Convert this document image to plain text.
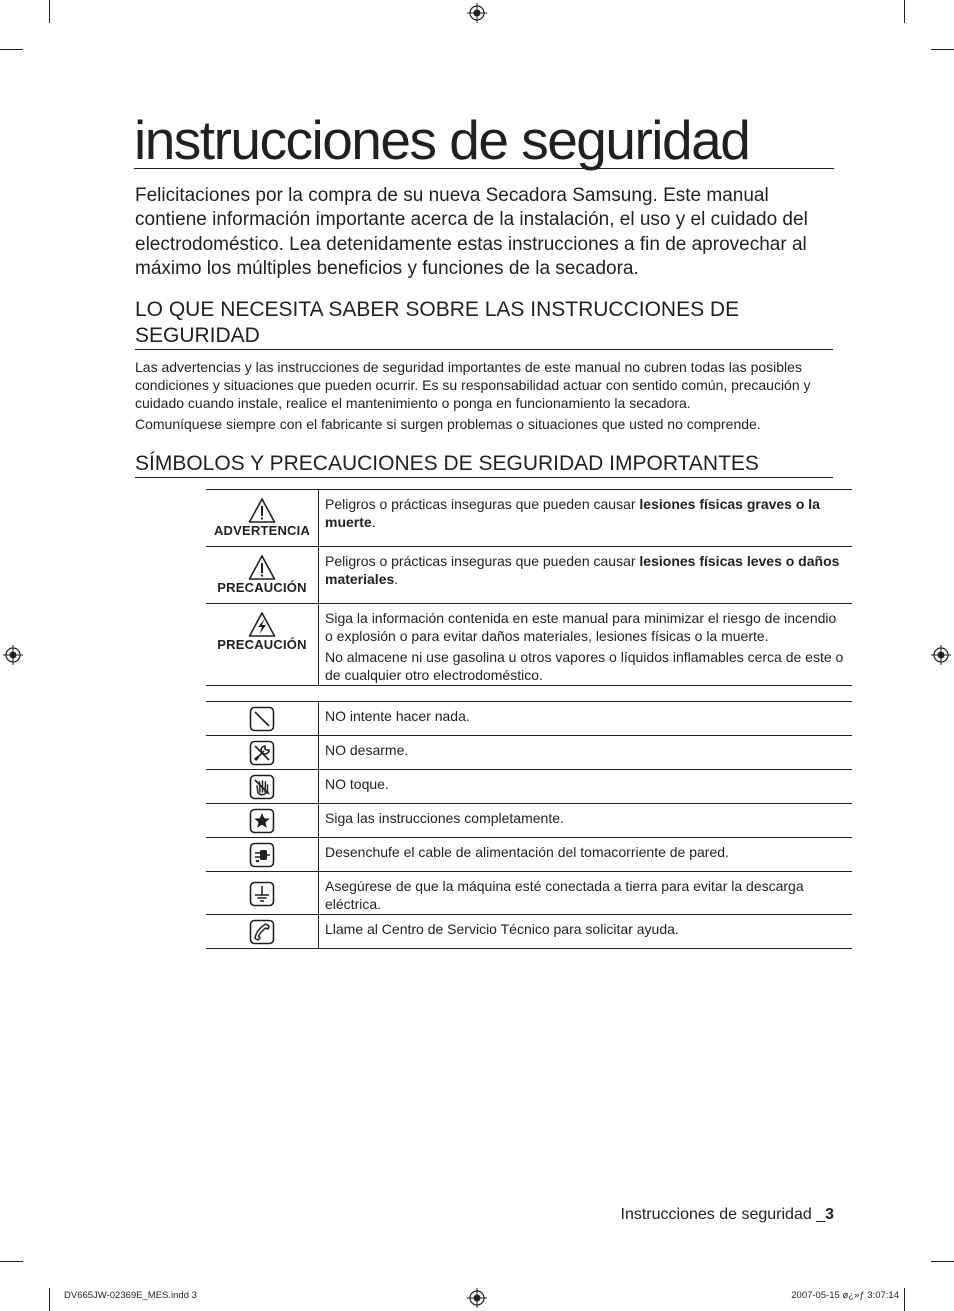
instrucciones de seguridad

Felicitaciones por la compra de su nueva Secadora Samsung. Este manual contiene información importante acerca de la instalación, el uso y el cuidado del electrodoméstico. Lea detenidamente estas instrucciones a fin de aprovechar al máximo los múltiples beneficios y funciones de la secadora.

LO QUE NECESITA SABER SOBRE LAS INSTRUCCIONES DE SEGURIDAD

Las advertencias y las instrucciones de seguridad importantes de este manual no cubren todas las posibles condiciones y situaciones que pueden ocurrir. Es su responsabilidad actuar con sentido común, precaución y cuidado cuando instale, realice el mantenimiento o ponga en funcionamiento la secadora.

Comuníquese siempre con el fabricante si surgen problemas o situaciones que usted no comprende.

SÍMBOLOS Y PRECAUCIONES DE SEGURIDAD IMPORTANTES
ADVERTENCIA	Peligros o prácticas inseguras que pueden causar lesiones físicas graves o la muerte.

PRECAUCIÓN	Peligros o prácticas inseguras que pueden causar lesiones físicas leves o daños materiales.

PRECAUCIÓN	Siga la información contenida en este manual para minimizar el riesgo de incendio o explosión o para evitar daños materiales, lesiones físicas o la muerte.

No almacene ni use gasolina u otros vapores o líquidos inflamables cerca de este o de cualquier otro electrodoméstico.

	NO intente hacer nada.
	NO desarme.
	NO toque.
	Siga las instrucciones completamente.
	Desenchufe el cable de alimentación del tomacorriente de pared.
	Asegúrese de que la máquina esté conectada a tierra para evitar la descarga eléctrica.
	Llame al Centro de Servicio Técnico para solicitar ayuda.
Instrucciones de seguridad _3
DV665JW-02369E_MES.indd 3	2007-05-15 ø¿»ƒ 3:07:14
